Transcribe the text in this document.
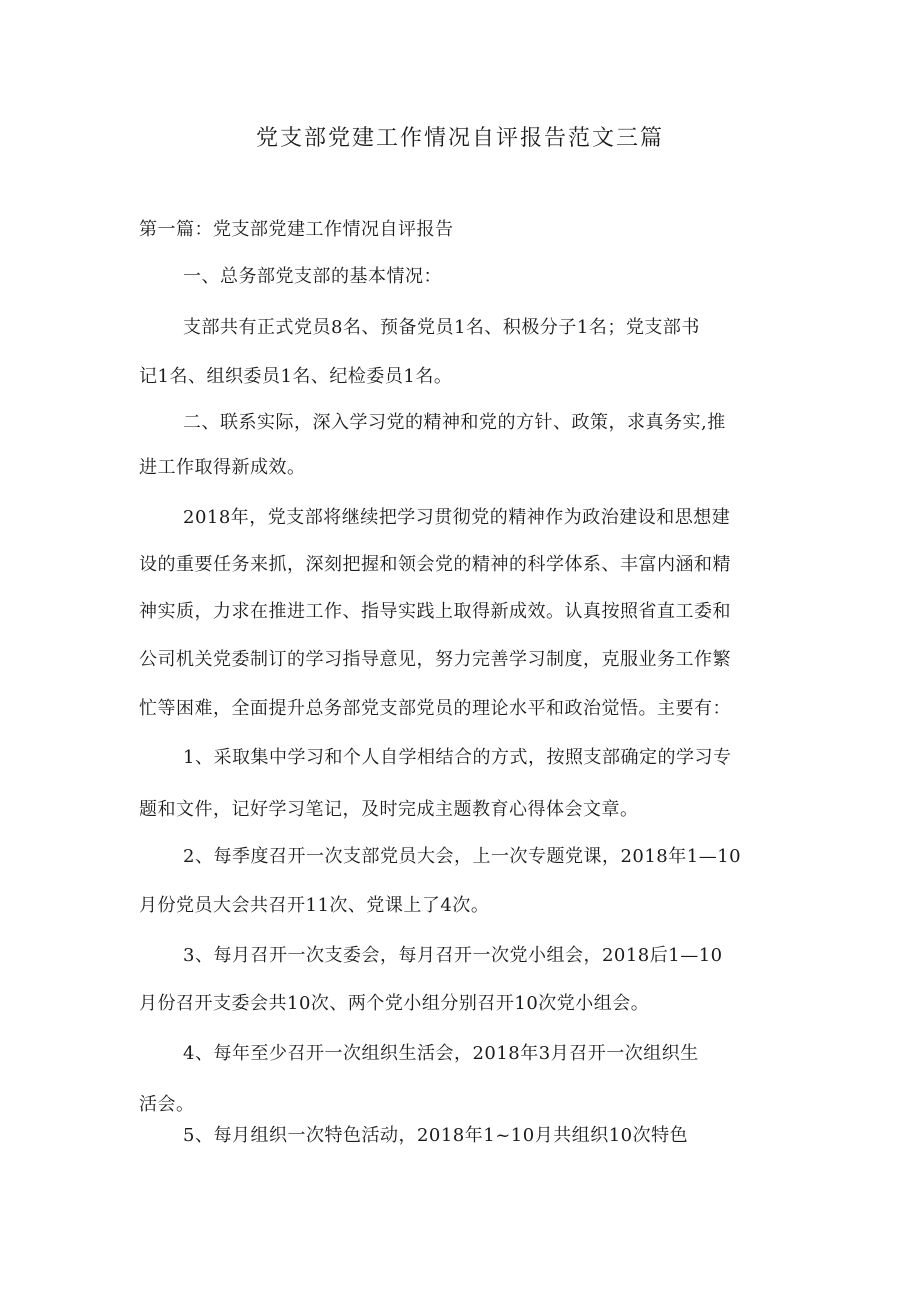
党支部党建工作情况自评报告范文三篇
第一篇：党支部党建工作情况自评报告
一、总务部党支部的基本情况：
支部共有正式党员8名、预备党员1名、积极分子1名；党支部书
记1名、组织委员1名、纪检委员1名。
二、联系实际，深入学习党的精神和党的方针、政策，求真务实,推
进工作取得新成效。
2018年，党支部将继续把学习贯彻党的精神作为政治建设和思想建
设的重要任务来抓，深刻把握和领会党的精神的科学体系、丰富内涵和精
神实质，力求在推进工作、指导实践上取得新成效。认真按照省直工委和
公司机关党委制订的学习指导意见，努力完善学习制度，克服业务工作繁
忙等困难，全面提升总务部党支部党员的理论水平和政治觉悟。主要有：
1、采取集中学习和个人自学相结合的方式，按照支部确定的学习专
题和文件，记好学习笔记，及时完成主题教育心得体会文章。
2、每季度召开一次支部党员大会，上一次专题党课，2018年1—10
月份党员大会共召开11次、党课上了4次。
3、每月召开一次支委会，每月召开一次党小组会，2018后1—10
月份召开支委会共10次、两个党小组分别召开10次党小组会。
4、每年至少召开一次组织生活会，2018年3月召开一次组织生
活会。
5、每月组织一次特色活动，2018年1~10月共组织10次特色
